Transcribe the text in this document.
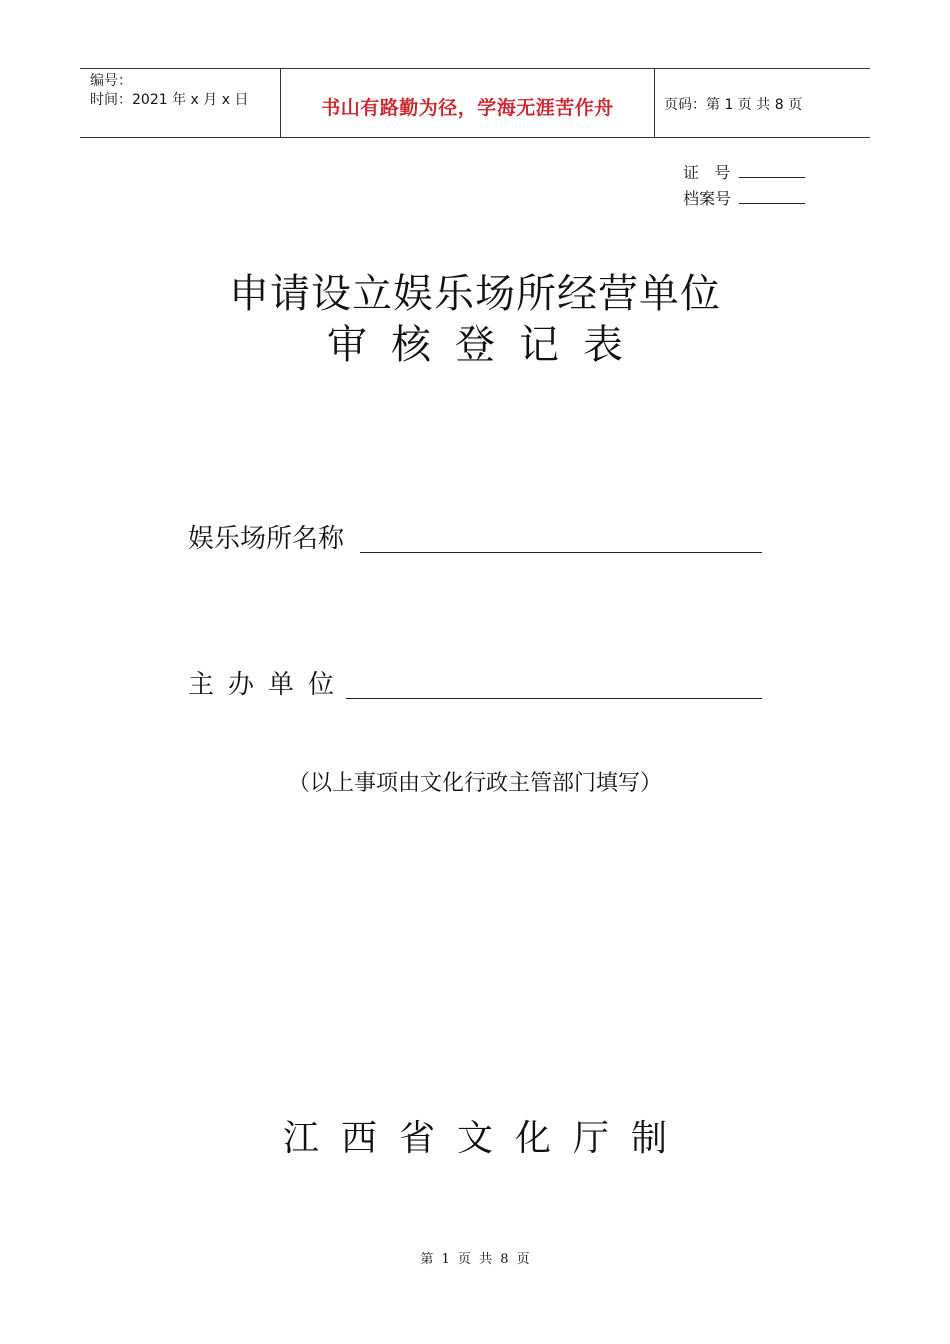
编号：
时间：2021 年 x 月 x 日	书山有路勤为径，学海无涯苦作舟	页码：第 1 页 共 8 页
证   号
档案号
申请设立娱乐场所经营单位
审核登记表
娱乐场所名称
主办单位
（以上事项由文化行政主管部门填写）
江西省文化厅制
第 1 页 共 8 页
